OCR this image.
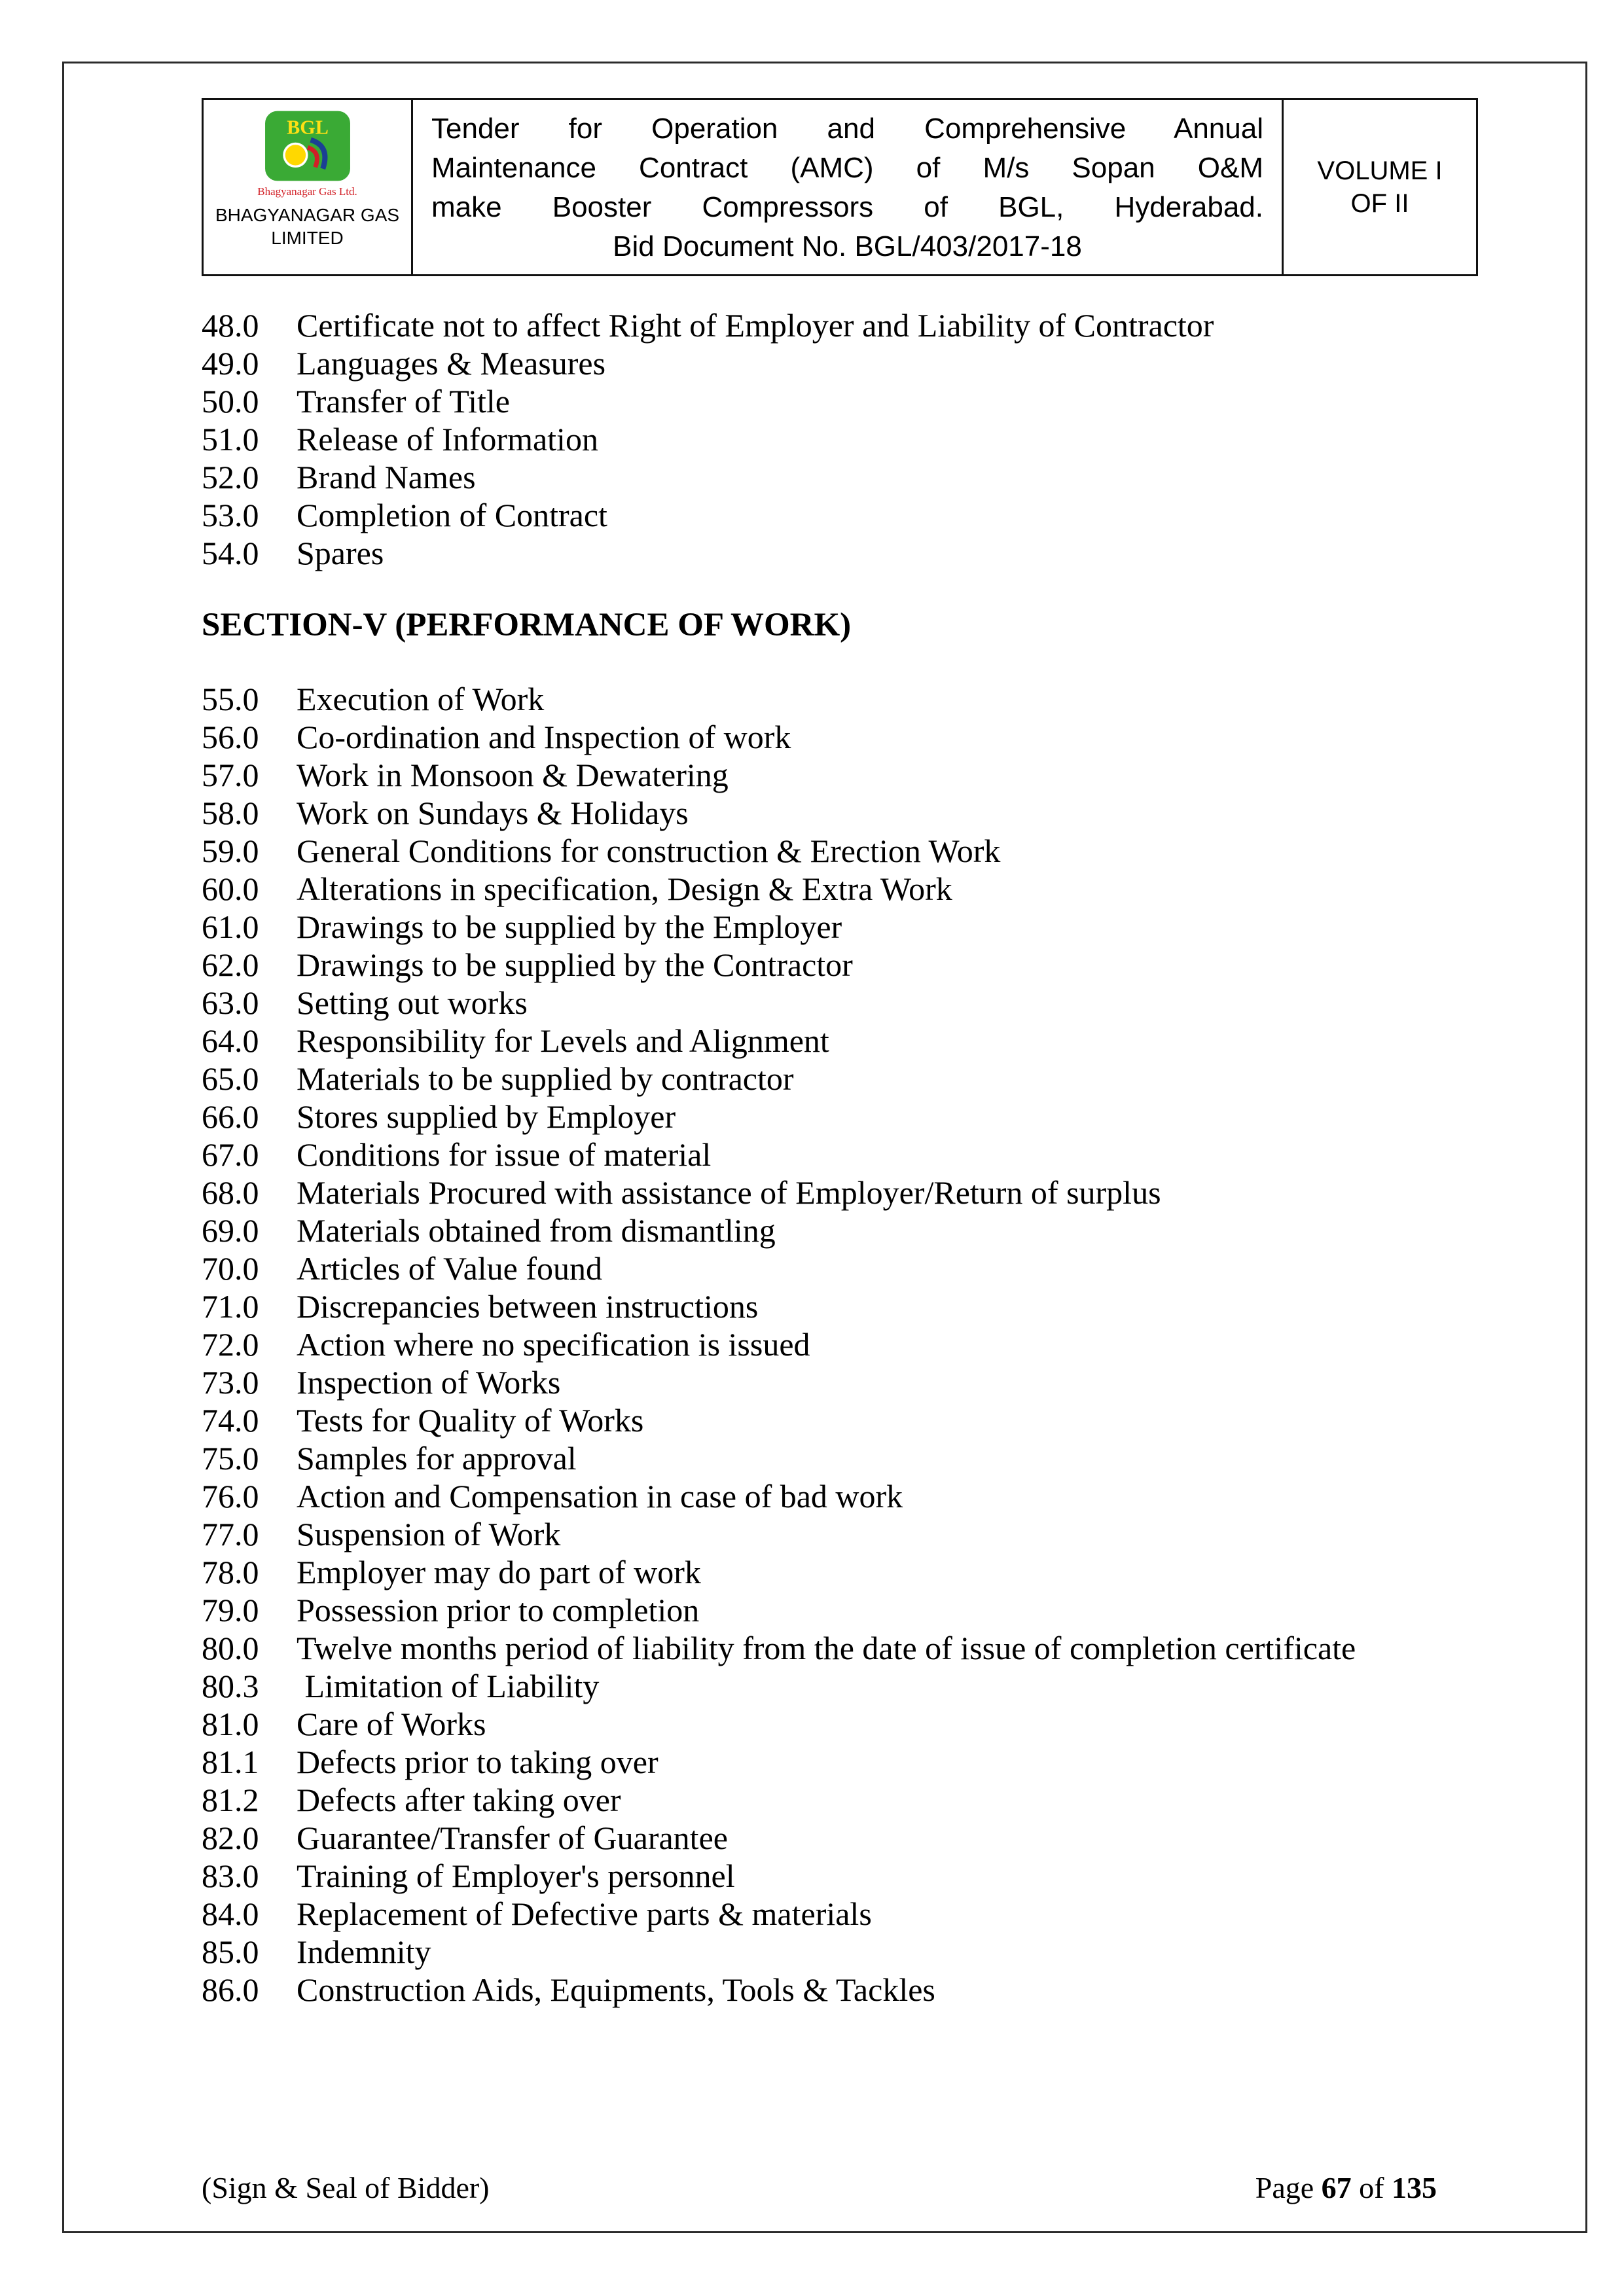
BGL
Bhagyanagar Gas Ltd.
BHAGYANAGAR GAS
LIMITED
Tender for Operation and Comprehensive Annual
Maintenance Contract (AMC) of M/s Sopan O&M
make Booster Compressors of BGL, Hyderabad.
Bid Document No. BGL/403/2017-18
VOLUME I
OF II
48.0	Certificate not to affect Right of Employer and Liability of Contractor
49.0	Languages & Measures
50.0	Transfer of Title
51.0	Release of Information
52.0	Brand Names
53.0	Completion of Contract
54.0	Spares
SECTION-V (PERFORMANCE OF WORK)
55.0	Execution of Work
56.0	Co-ordination and Inspection of work
57.0	Work in Monsoon & Dewatering
58.0	Work on Sundays & Holidays
59.0	General Conditions for construction & Erection Work
60.0	Alterations in specification, Design & Extra Work
61.0	Drawings to be supplied by the Employer
62.0	Drawings to be supplied by the Contractor
63.0	Setting out works
64.0	Responsibility for Levels and Alignment
65.0	Materials to be supplied by contractor
66.0	Stores supplied by Employer
67.0	Conditions for issue of material
68.0	Materials Procured with assistance of Employer/Return of surplus
69.0	Materials obtained from dismantling
70.0	Articles of Value found
71.0	Discrepancies between instructions
72.0	Action where no specification is issued
73.0	Inspection of Works
74.0	Tests for Quality of Works
75.0	Samples for approval
76.0	Action and Compensation in case of bad work
77.0	Suspension of Work
78.0	Employer may do part of work
79.0	Possession prior to completion
80.0	Twelve months period of liability from the date of issue of completion certificate
80.3	Limitation of Liability
81.0	Care of Works
81.1	Defects prior to taking over
81.2	Defects after taking over
82.0	Guarantee/Transfer of Guarantee
83.0	Training of Employer's personnel
84.0	Replacement of Defective parts & materials
85.0	Indemnity
86.0	Construction Aids, Equipments, Tools & Tackles
(Sign & Seal of Bidder)	Page 67 of 135
